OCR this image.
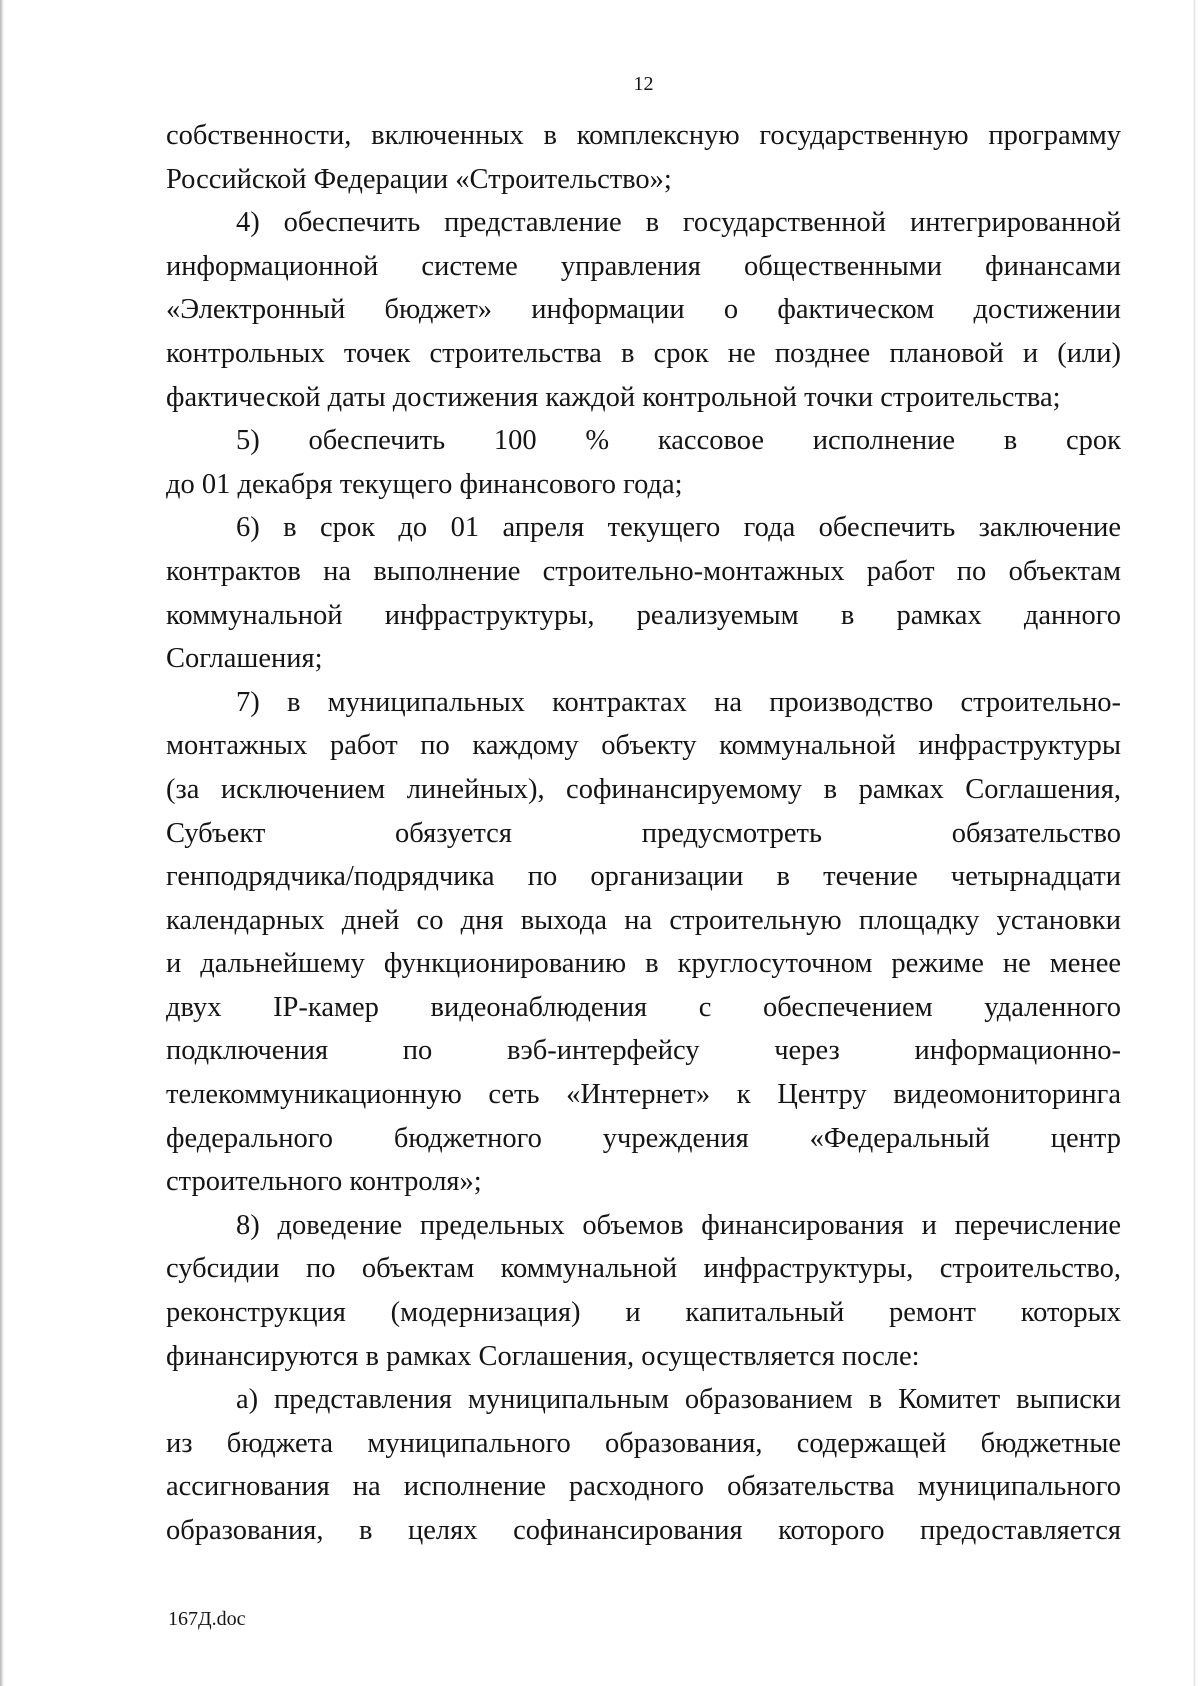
12
собственности, включенных в комплексную государственную программу
Российской Федерации «Строительство»;
4) обеспечить представление в государственной интегрированной
информационной системе управления общественными финансами
«Электронный бюджет» информации о фактическом достижении
контрольных точек строительства в срок не позднее плановой и (или)
фактической даты достижения каждой контрольной точки строительства;
5) обеспечить 100 % кассовое исполнение в срок
до 01 декабря текущего финансового года;
6) в срок до 01 апреля текущего года обеспечить заключение
контрактов на выполнение строительно-монтажных работ по объектам
коммунальной инфраструктуры, реализуемым в рамках данного
Соглашения;
7) в муниципальных контрактах на производство строительно-
монтажных работ по каждому объекту коммунальной инфраструктуры
(за исключением линейных), софинансируемому в рамках Соглашения,
Субъект обязуется предусмотреть обязательство
генподрядчика/подрядчика по организации в течение четырнадцати
календарных дней со дня выхода на строительную площадку установки
и дальнейшему функционированию в круглосуточном режиме не менее
двух IP-камер видеонаблюдения с обеспечением удаленного
подключения по вэб-интерфейсу через информационно-
телекоммуникационную сеть «Интернет» к Центру видеомониторинга
федерального бюджетного учреждения «Федеральный центр
строительного контроля»;
8) доведение предельных объемов финансирования и перечисление
субсидии по объектам коммунальной инфраструктуры, строительство,
реконструкция (модернизация) и капитальный ремонт которых
финансируются в рамках Соглашения, осуществляется после:
а) представления муниципальным образованием в Комитет выписки
из бюджета муниципального образования, содержащей бюджетные
ассигнования на исполнение расходного обязательства муниципального
образования, в целях софинансирования которого предоставляется
167Д.doc
